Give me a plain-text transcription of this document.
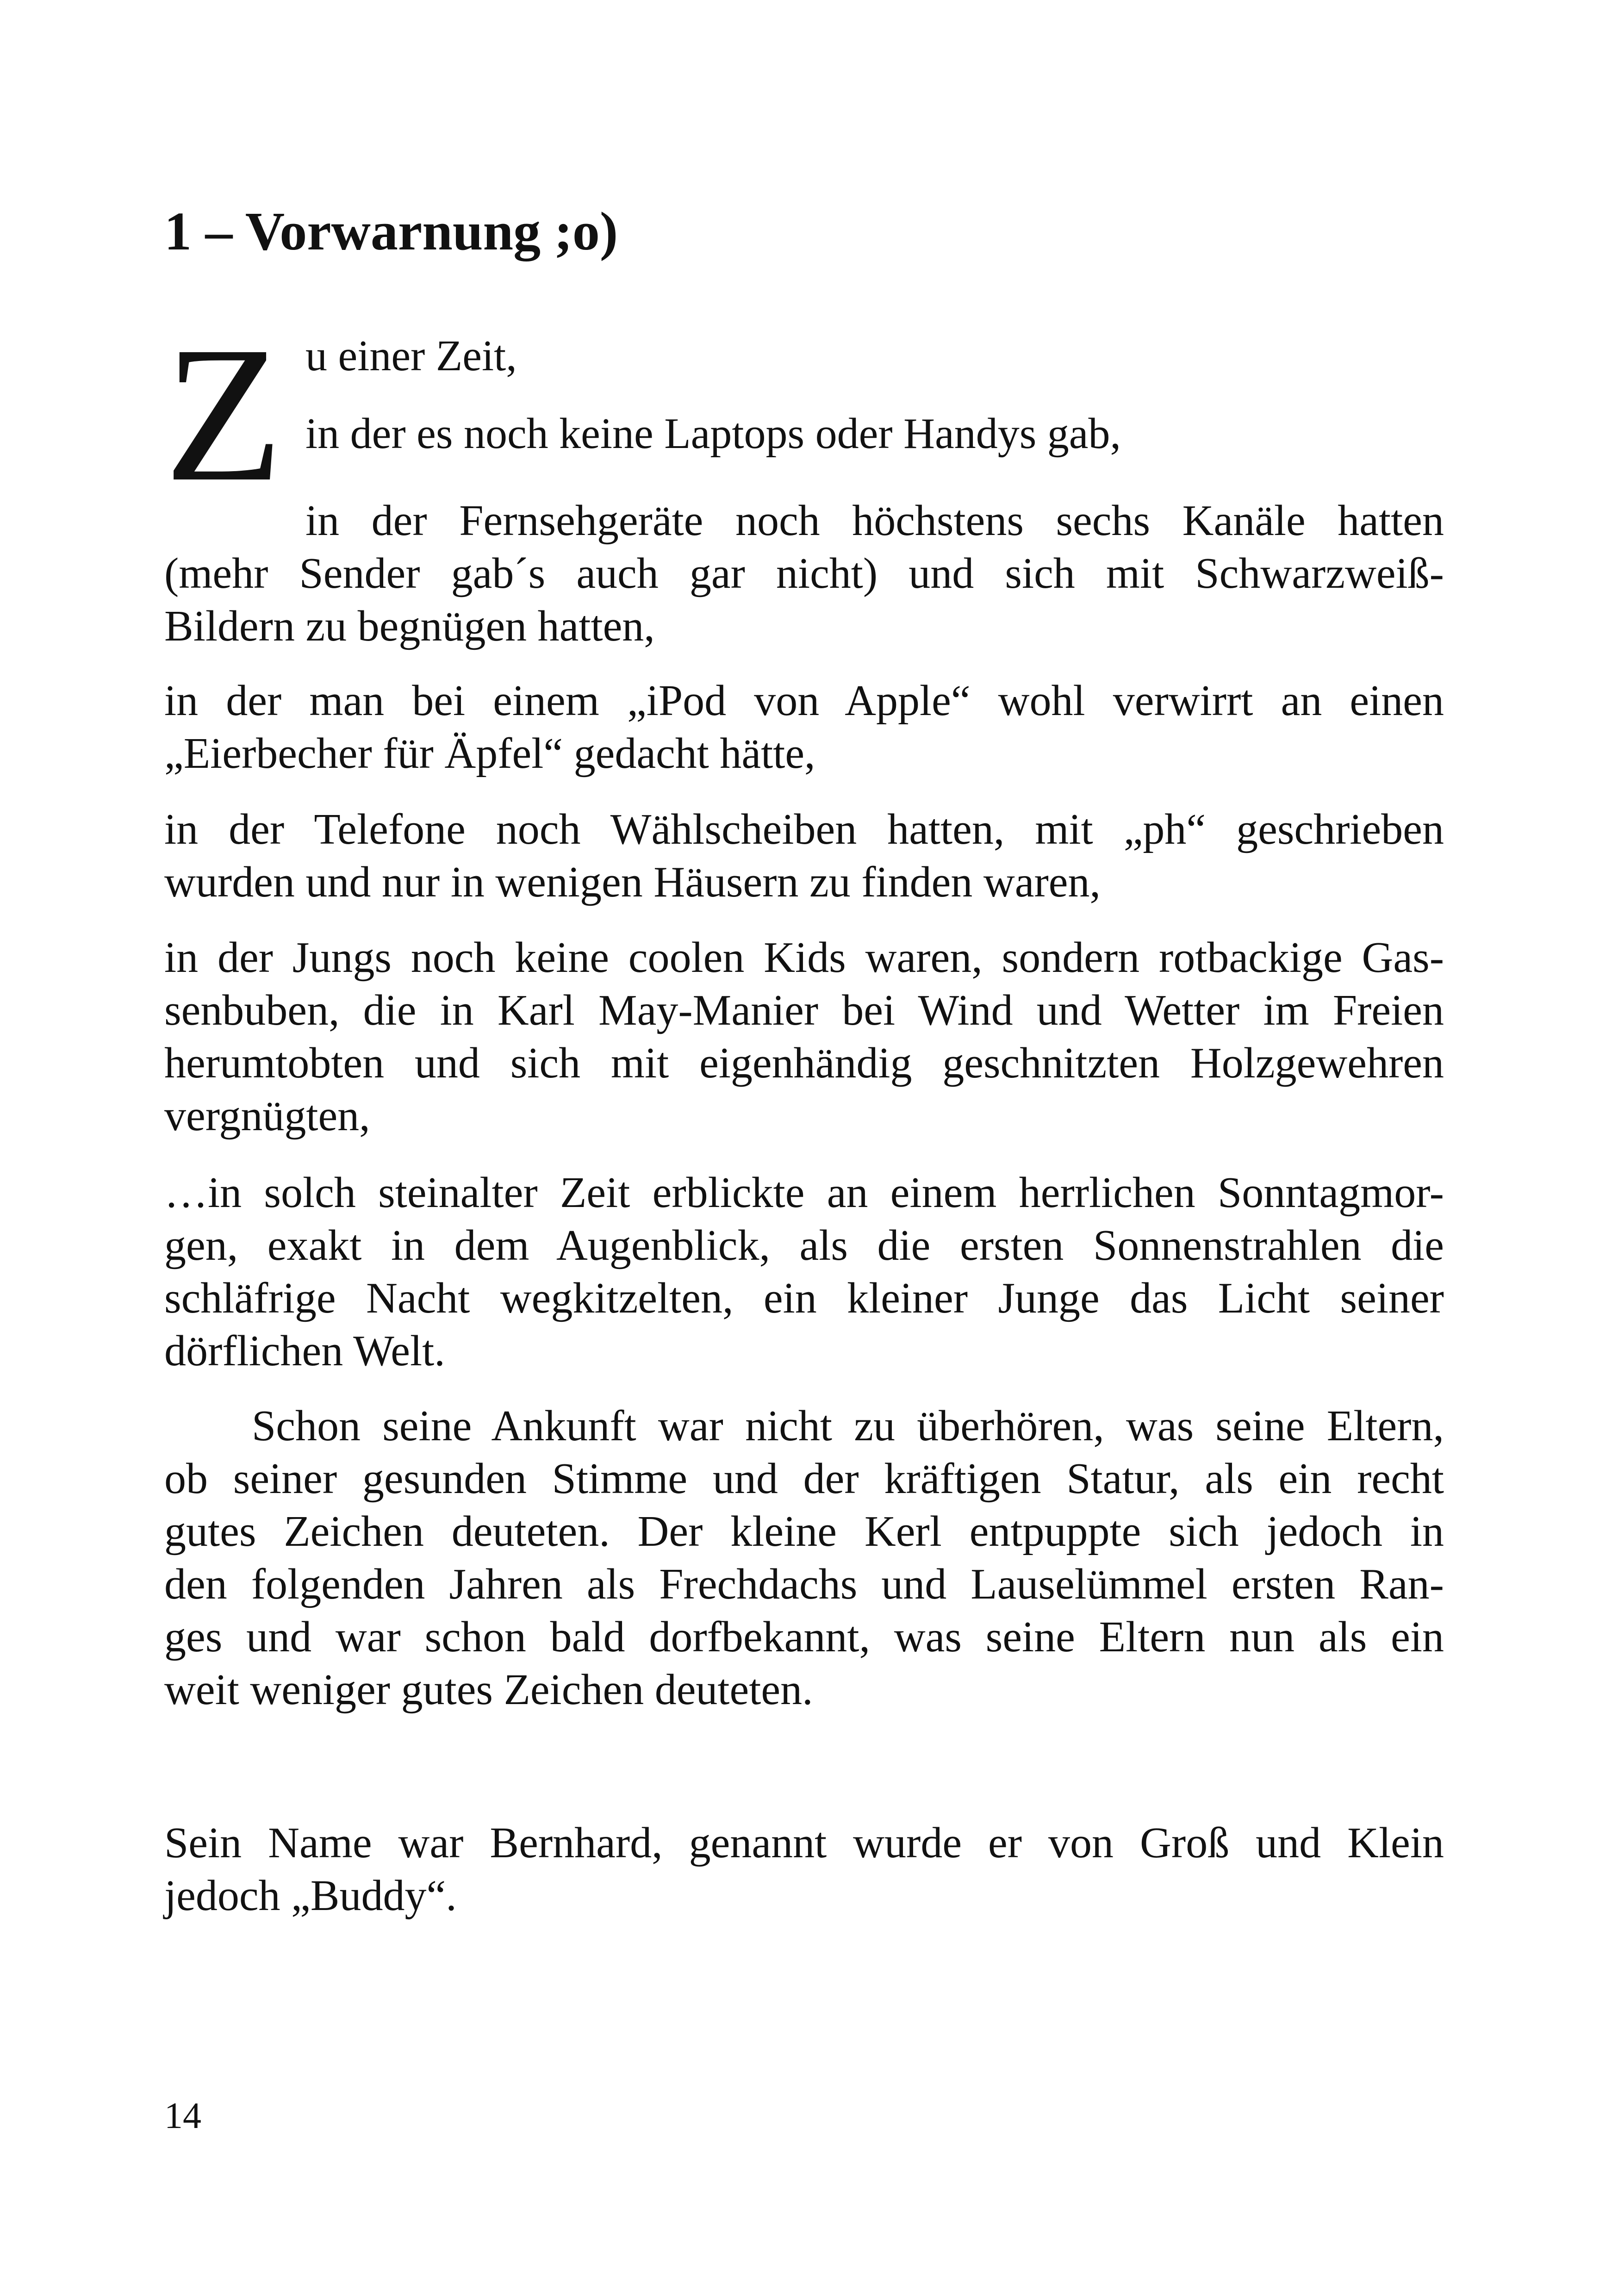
1 – Vorwarnung ;o)
Z u einer Zeit,
in der es noch keine Laptops oder Handys gab,
in der Fernsehgeräte noch höchstens sechs Kanäle hatten
(mehr Sender gab´s auch gar nicht) und sich mit Schwarzweiß-
Bildern zu begnügen hatten,
in der man bei einem „iPod von Apple“ wohl verwirrt an einen
„Eierbecher für Äpfel“ gedacht hätte,
in der Telefone noch Wählscheiben hatten, mit „ph“ geschrieben
wurden und nur in wenigen Häusern zu finden waren,
in der Jungs noch keine coolen Kids waren, sondern rotbackige Gas-
senbuben, die in Karl May-Manier bei Wind und Wetter im Freien
herumtobten und sich mit eigenhändig geschnitzten Holzgewehren
vergnügten,
…in solch steinalter Zeit erblickte an einem herrlichen Sonntagmor-
gen, exakt in dem Augenblick, als die ersten Sonnenstrahlen die
schläfrige Nacht wegkitzelten, ein kleiner Junge das Licht seiner
dörflichen Welt.
Schon seine Ankunft war nicht zu überhören, was seine Eltern,
ob seiner gesunden Stimme und der kräftigen Statur, als ein recht
gutes Zeichen deuteten. Der kleine Kerl entpuppte sich jedoch in
den folgenden Jahren als Frechdachs und Lauselümmel ersten Ran-
ges und war schon bald dorfbekannt, was seine Eltern nun als ein
weit weniger gutes Zeichen deuteten.
Sein Name war Bernhard, genannt wurde er von Groß und Klein
jedoch „Buddy“.
14
